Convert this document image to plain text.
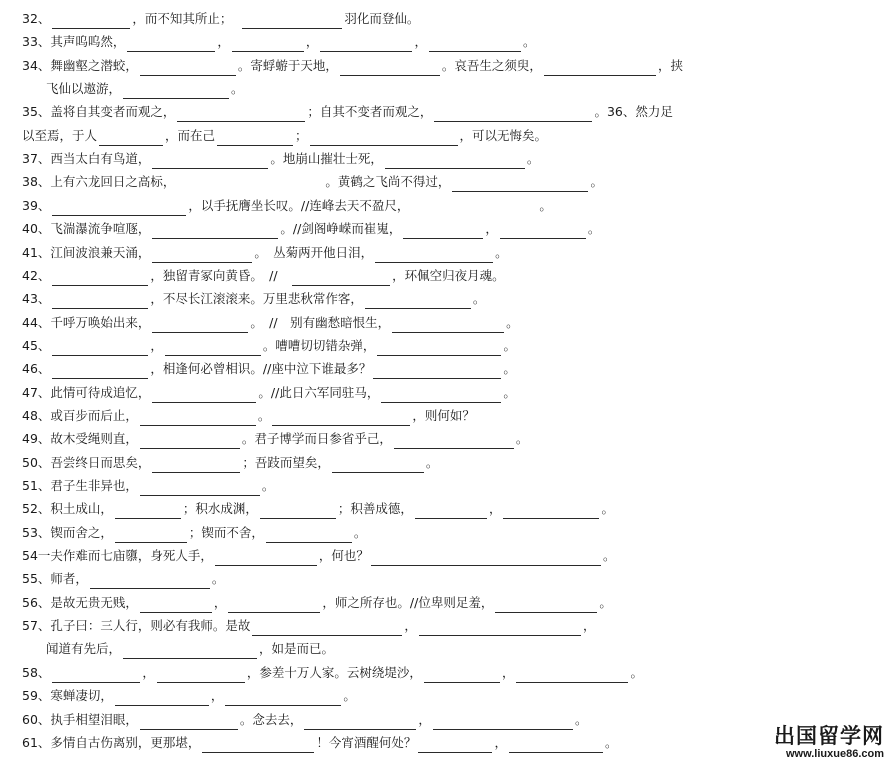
32、	，而不知其所止；	羽化而登仙。
33、其声呜呜然，	，	，	，	。
34、舞幽壑之潜蛟，	。寄蜉蝣于天地，	。哀吾生之须臾，	，挟
飞仙以遨游，	。
35、盖将自其变者而观之，	；自其不变者而观之，	。36、然力足
以至焉，于人	，而在己	；	，可以无悔矣。
37、西当太白有鸟道，	。地崩山摧壮士死，	。
38、上有六龙回日之高标，	。黄鹤之飞尚不得过，	。
39、	，以手抚膺坐长叹。//连峰去天不盈尺，	。
40、飞湍瀑流争喧豗，	。//剑阁峥嵘而崔嵬，	，	。
41、江间波浪兼天涌，	。　丛菊两开他日泪，	。
42、	，独留青冢向黄昏。　//　	，环佩空归夜月魂。
43、	，不尽长江滚滚来。万里悲秋常作客，	。
44、千呼万唤始出来，	。　//　别有幽愁暗恨生，	。
45、	，	。嘈嘈切切错杂弹，	。
46、	，相逢何必曾相识。//座中泣下谁最多？	。
47、此情可待成追忆，	。//此日六军同驻马，	。
48、或百步而后止，	。	，则何如？
49、故木受绳则直，	。君子博学而日参省乎己，	。
50、吾尝终日而思矣，	；吾跂而望矣，	。
51、君子生非异也，	。
52、积土成山，	；积水成渊，	；积善成德，	，	。
53、锲而舍之，	；锲而不舍，	。
54一夫作难而七庙隳，身死人手，	，何也？	。
55、师者，	。
56、是故无贵无贱，	，	，师之所存也。//位卑则足羞，	。
57、孔子曰：三人行，则必有我师。是故	，	，
闻道有先后，	，如是而已。
58、	，	，参差十万人家。云树绕堤沙，	，	。
59、寒蝉凄切，	，	。
60、执手相望泪眼，	。念去去，	，	。
61、多情自古伤离别，更那堪，	！今宵酒醒何处？	，	。	出国留学网
www.liuxue86.com
